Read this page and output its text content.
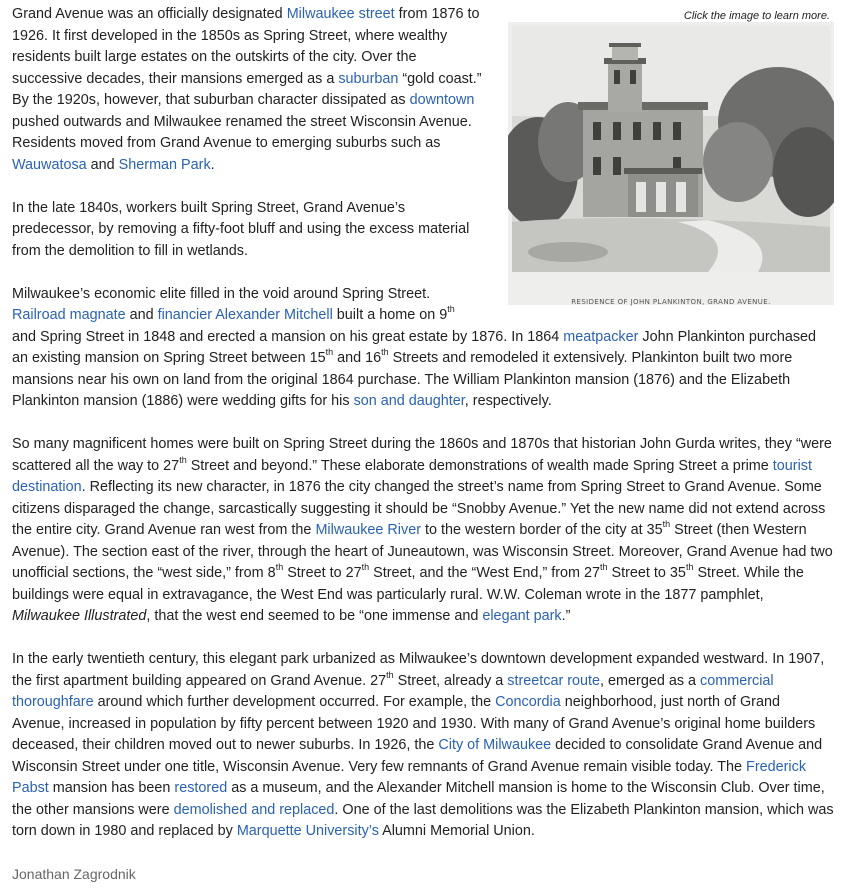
Click the image to learn more.
RESIDENCE OF JOHN PLANKINTON, GRAND AVENUE.

Grand Avenue was an officially designated Milwaukee street from 1876 to 1926. It first developed in the 1850s as Spring Street, where wealthy residents built large estates on the outskirts of the city. Over the successive decades, their mansions emerged as a suburban “gold coast.” By the 1920s, however, that suburban character dissipated as downtown pushed outwards and Milwaukee renamed the street Wisconsin Avenue. Residents moved from Grand Avenue to emerging suburbs such as Wauwatosa and Sherman Park.

In the late 1840s, workers built Spring Street, Grand Avenue’s predecessor, by removing a fifty-foot bluff and using the excess material from the demolition to fill in wetlands.

Milwaukee’s economic elite filled in the void around Spring Street.
Railroad magnate and financier Alexander Mitchell built a home on 9th
and Spring Street in 1848 and erected a mansion on his great estate by 1876. In 1864 meatpacker John Plankinton purchased an existing mansion on Spring Street between 15th and 16th Streets and remodeled it extensively. Plankinton built two more mansions near his own on land from the original 1864 purchase. The William Plankinton mansion (1876) and the Elizabeth Plankinton mansion (1886) were wedding gifts for his son and daughter, respectively.

So many magnificent homes were built on Spring Street during the 1860s and 1870s that historian John Gurda writes, they “were scattered all the way to 27th Street and beyond.” These elaborate demonstrations of wealth made Spring Street a prime tourist destination. Reflecting its new character, in 1876 the city changed the street’s name from Spring Street to Grand Avenue. Some citizens disparaged the change, sarcastically suggesting it should be “Snobby Avenue.” Yet the new name did not extend across the entire city. Grand Avenue ran west from the Milwaukee River to the western border of the city at 35th Street (then Western Avenue). The section east of the river, through the heart of Juneautown, was Wisconsin Street. Moreover, Grand Avenue had two unofficial sections, the “west side,” from 8th Street to 27th Street, and the “West End,” from 27th Street to 35th Street. While the buildings were equal in extravagance, the West End was particularly rural. W.W. Coleman wrote in the 1877 pamphlet, Milwaukee Illustrated, that the west end seemed to be “one immense and elegant park.”

In the early twentieth century, this elegant park urbanized as Milwaukee’s downtown development expanded westward. In 1907, the first apartment building appeared on Grand Avenue. 27th Street, already a streetcar route, emerged as a commercial thoroughfare around which further development occurred. For example, the Concordia neighborhood, just north of Grand Avenue, increased in population by fifty percent between 1920 and 1930. With many of Grand Avenue’s original home builders deceased, their children moved out to newer suburbs. In 1926, the City of Milwaukee decided to consolidate Grand Avenue and Wisconsin Street under one title, Wisconsin Avenue. Very few remnants of Grand Avenue remain visible today. The Frederick Pabst mansion has been restored as a museum, and the Alexander Mitchell mansion is home to the Wisconsin Club. Over time, the other mansions were demolished and replaced. One of the last demolitions was the Elizabeth Plankinton mansion, which was torn down in 1980 and replaced by Marquette University’s Alumni Memorial Union.

Jonathan Zagrodnik
